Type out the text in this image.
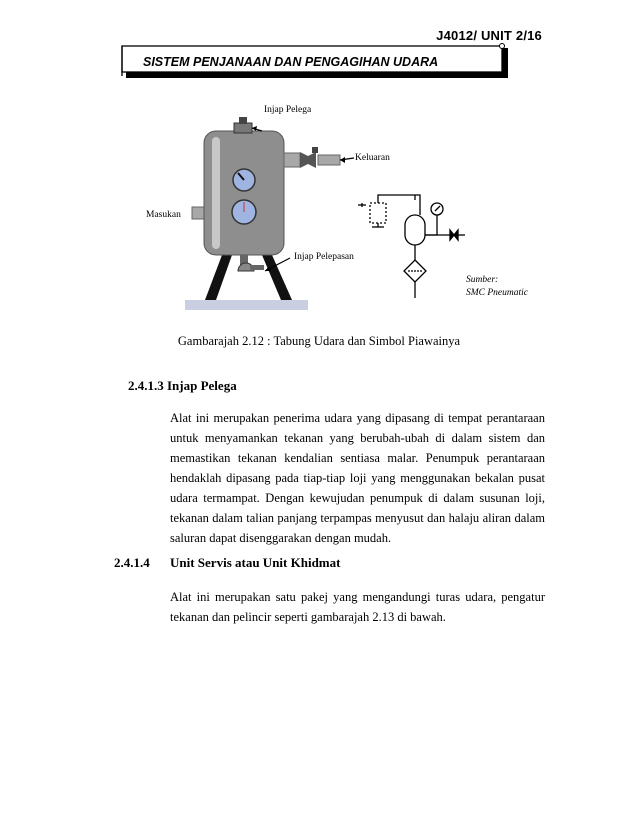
J4012/ UNIT 2/16
SISTEM PENJANAAN DAN PENGAGIHAN UDARA
Injap Pelega
Keluaran
Masukan
Injap Pelepasan
Sumber:
SMC Pneumatic
Gambarajah 2.12 : Tabung Udara dan Simbol Piawainya
2.4.1.3 Injap Pelega

Alat ini merupakan penerima udara yang dipasang di tempat perantaraan untuk menyamankan tekanan yang berubah-ubah di dalam sistem dan memastikan tekanan kendalian sentiasa malar. Penumpuk perantaraan hendaklah dipasang pada tiap-tiap loji yang menggunakan bekalan pusat udara termampat. Dengan kewujudan penumpuk di dalam susunan loji, tekanan dalam talian panjang terpampas menyusut dan halaju aliran dalam saluran dapat disenggarakan dengan mudah.

2.4.1.4 Unit Servis atau Unit Khidmat

Alat ini merupakan satu pakej yang mengandungi turas udara, pengatur tekanan dan pelincir seperti gambarajah 2.13 di bawah.
